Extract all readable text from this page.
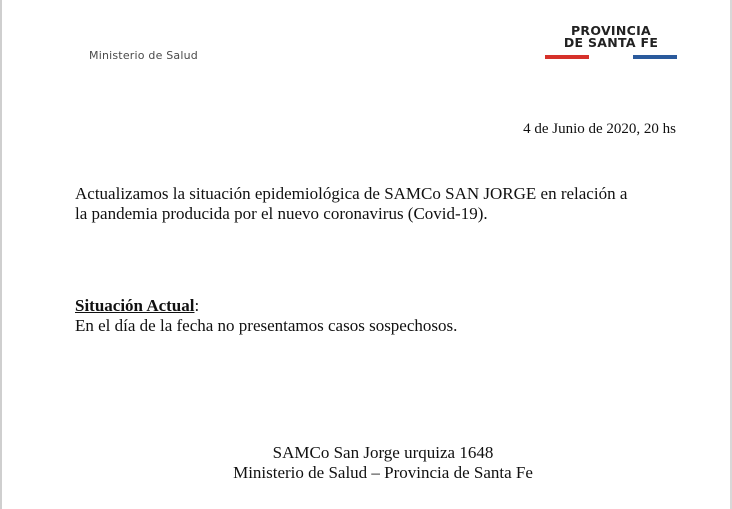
Ministerio de Salud
PROVINCIA
DE SANTA FE
4 de Junio de 2020, 20 hs
Actualizamos la situación epidemiológica de SAMCo SAN JORGE en relación a la pandemia producida por el nuevo coronavirus (Covid-19).
Situación Actual:
En el día de la fecha no presentamos casos sospechosos.
SAMCo San Jorge urquiza 1648
Ministerio de Salud – Provincia de Santa Fe
